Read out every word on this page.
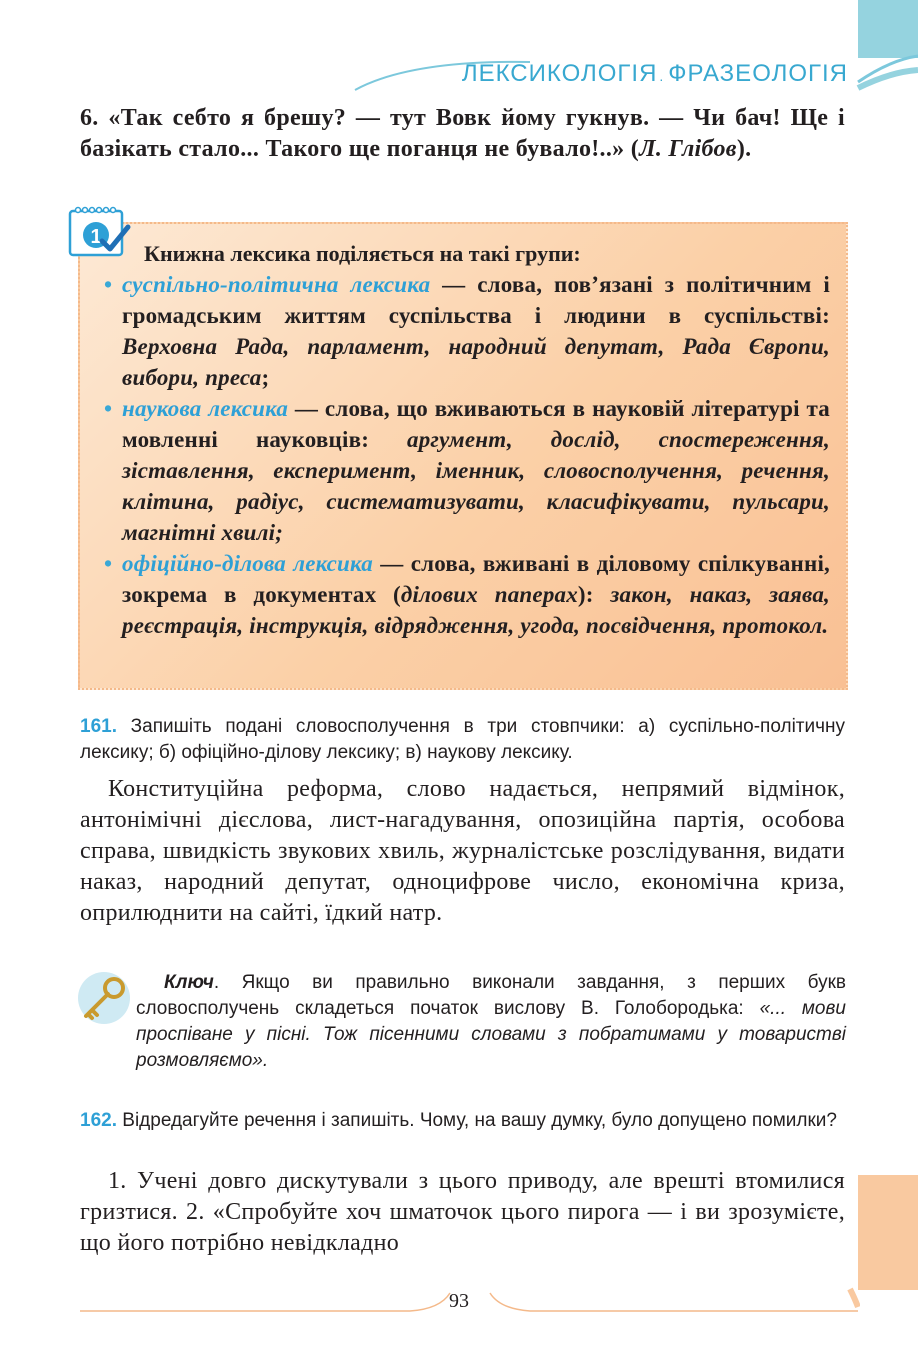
ЛЕКСИКОЛОГІЯ . ФРАЗЕОЛОГІЯ
6. «Так себто я брешу? — тут Вовк йому гукнув. — Чи бач! Ще і базікать стало... Такого ще поганця не бувало!..» (Л. Глібов).
1
Книжна лексика поділяється на такі групи:
• суспільно-політична лексика — слова, пов’язані з політичним і громадським життям суспільства і людини в суспільстві: Верховна Рада, парламент, народний депутат, Рада Європи, вибори, преса;
• наукова лексика — слова, що вживаються в науковій літературі та мовленні науковців: аргумент, дослід, спостереження, зіставлення, експеримент, іменник, словосполучення, речення, клітина, радіус, систематизувати, класифікувати, пульсари, магнітні хвилі;
• офіційно-ділова лексика — слова, вживані в діловому спілкуванні, зокрема в документах (ділових паперах): закон, наказ, заява, реєстрація, інструкція, відрядження, угода, посвідчення, протокол.
161. Запишіть подані словосполучення в три стовпчики: а) суспільно-політичну лексику; б) офіційно-ділову лексику; в) наукову лексику.
Конституційна реформа, слово надається, непрямий відмінок, антонімічні дієслова, лист-нагадування, опозиційна партія, особова справа, швидкість звукових хвиль, журналістське розслідування, видати наказ, народний депутат, одноцифрове число, економічна криза, оприлюднити на сайті, їдкий натр.
Ключ. Якщо ви правильно виконали завдання, з перших букв словосполучень складеться початок вислову В. Голобородька: «... мови проспіване у пісні. Тож пісенними словами з побратимами у товаристві розмовляємо».
162. Відредагуйте речення і запишіть. Чому, на вашу думку, було допущено помилки?
1. Учені довго дискутували з цього приводу, але врешті втомилися гризтися. 2. «Спробуйте хоч шматочок цього пирога — і ви зрозумієте, що його потрібно невідкладно
93
